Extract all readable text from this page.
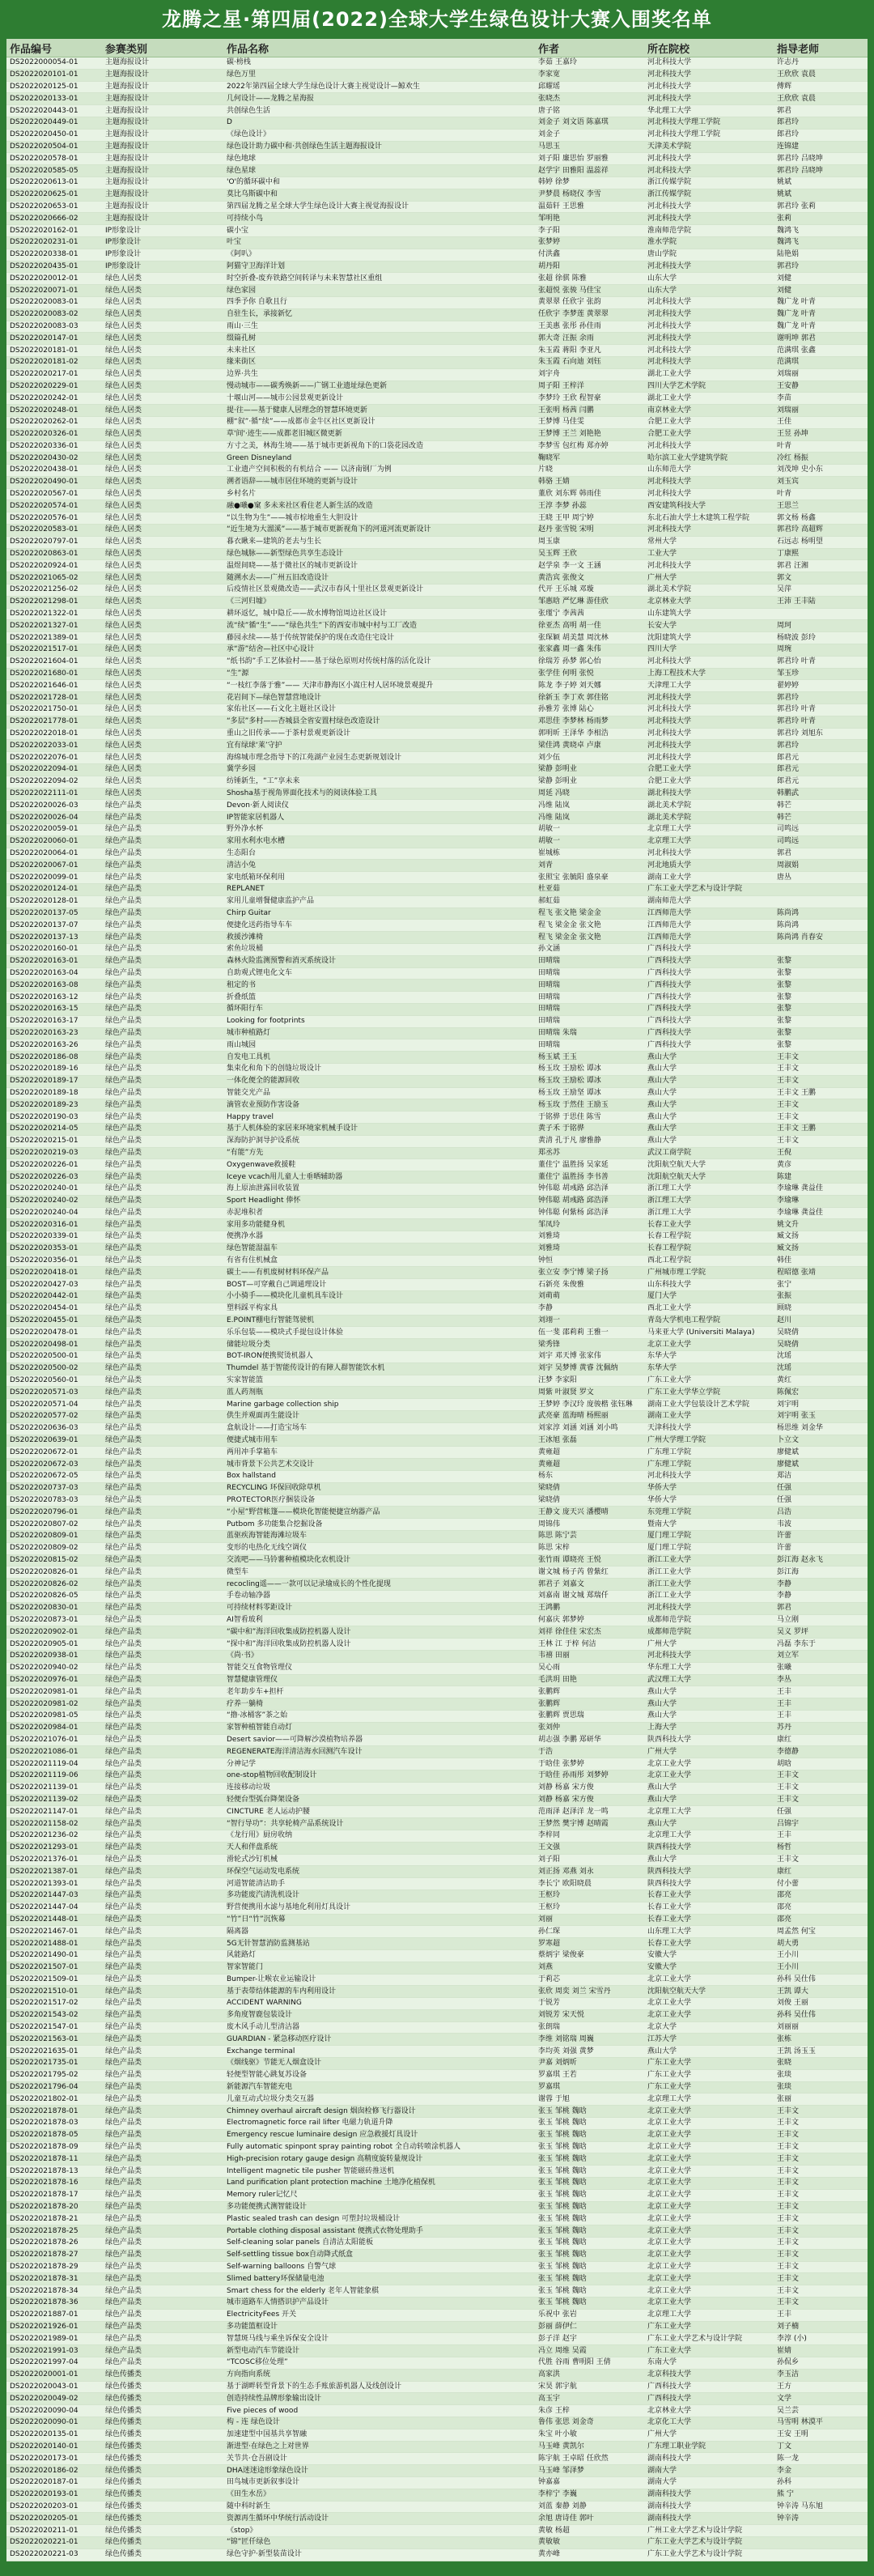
龙腾之星·第四届(2022)全球大学生绿色设计大赛入围奖名单
作品编号	参赛类别	作品名称	作者	所在院校	指导老师
DS2022000054-01	主题海报设计	碳·榜栈	李茹 王嘉玲	河北科技大学	许志丹
DS2022020101-01	主题海报设计	绿色万里	李家宽	河北科技大学	王欣欣 袁晨
DS2022020125-01	主题海报设计	2022年第四届全球大学生绿色设计大赛主视觉设计—鲸欢生	邱耀瑶	河北科技大学	傅辉
DS2022020133-01	主题海报设计	几何设计——龙腾之星海报	张晓杰	河北科技大学	王欣欣 袁晨
DS2022020443-01	主题海报设计	共创绿色生活	唐子铭	华北理工大学	郭君
DS2022020449-01	主题海报设计	D	刘金子 刘文语 陈嘉琪	河北科技大学理工学院	郎君玲
DS2022020450-01	主题海报设计	《绿色设计》	刘金子	河北科技大学理工学院	郎君玲
DS2022020504-01	主题海报设计	绿色设计助力碳中和·共创绿色生活主题海报设计	马思玉	天津美术学院	连锦建
DS2022020578-01	主题海报设计	绿色地球	刘子阳 廉思怡 罗丽雅	河北科技大学	郭君玲 吕晓坤
DS2022020585-05	主题海报设计	绿色星球	赵学宇 田雅阳 温蕊祥	河北科技大学	郭君玲 吕晓坤
DS2022020613-01	主题海报设计	'O'的循环碳中和	韩婷 徐梦	浙江传媒学院	姚斌
DS2022020625-01	主题海报设计	莫比乌斯碳中和	尹梦晨 杨晓仪 李雪	浙江传媒学院	姚斌
DS2022020653-01	主题海报设计	第四届龙腾之星全球大学生绿色设计大赛主视觉海报设计	温茹轩 王思雅	河北科技大学	郭君玲 张莉
DS2022020666-02	主题海报设计	可持续小鸟	邹明艳	河北科技大学	张莉
DS2022020162-01	IP形象设计	碳小宝	李子阳	淮南师范学院	魏鸿飞
DS2022020231-01	IP形象设计	叶宝	张梦婷	淮水学院	魏鸿飞
DS2022020338-01	IP形象设计	《阿叭》	付洪鑫	唐山学院	陆艳娟
DS2022020435-01	IP形象设计	阿猫守卫海洋计划	胡丹阳	河北科技大学	郭君玲
DS2022020012-01	绿色人居类	时空折叠-废弃铁路空间转译与未来智慧社区重组	张超 徐骐 陈雅	山东大学	刘健
DS2022020071-01	绿色人居类	绿色家园	张超悦 张骏 马佳宝	山东大学	刘健
DS2022020083-01	绿色人居类	四季予你 自歌且行	黄翠翠 任欣宇 张韵	河北科技大学	魏广龙 叶青
DS2022020083-02	绿色人居类	自驻生长，承接新忆	任欣宇 李梦莲 黄翠翠	河北科技大学	魏广龙 叶青
DS2022020083-03	绿色人居类	雨山·三生	王美惠 张彤 孙佳雨	河北科技大学	魏广龙 叶青
DS2022020147-01	绿色人居类	缀篇孔树	郭大奇 汪振 余雨	河北科技大学	谢明坤 郭君
DS2022020181-01	绿色人居类	未来社区	朱玉霞 蒋阳 李亚凡	河北科技大学	范满琪 张鑫
DS2022020181-02	绿色人居类	缘来街区	朱玉霞 石向迪 刘钰	河北科技大学	范满琪
DS2022020217-01	绿色人居类	边界·共生	刘宇舟	湖北工业大学	刘瑞丽
DS2022020229-01	绿色人居类	慢动城市——碳秀焕新——广钢工业遗址绿色更新	周子阳 王梓洋	四川大学艺术学院	王安静
DS2022020242-01	绿色人居类	十堰山河——城市公园景观更新设计	李梦玲 王欣 程智豪	湖北工业大学	李苗
DS2022020248-01	绿色人居类	提·往——基于健康人居理念的智慧环境更新	王张明 杨茜 闫鹏	南京林业大学	刘瑞丽
DS2022020262-01	绿色人居类	棚“叙”·循“续”——成都市金牛区社区更新设计	王梦博 马佳雯	合肥工业大学	王佳
DS2022020326-01	绿色人居类	草'间'·迹生——成都老旧城区微更新	王梦博 王兰 刘艳艳	合肥工业大学	王昱 孙坤
DS2022020336-01	绿色人居类	方寸之美，林海生境——基于城市更新视角下的口袋花园改造	李梦雪 包红梅 郑亦婷	河北科技大学	叶青
DS2022020430-02	绿色人居类	Green Disneyland	鞠晓军	哈尔滨工业大学建筑学院	冷红 杨振
DS2022020438-01	绿色人居类	工业遗产空间积极的有机结合 —— 以济南钢厂为例	片晓	山东师范大学	刘茂坤 史小东
DS2022020490-01	绿色人居类	溯者语辞——城市居住环境的更新与设计	韩骆 王婧	河北科技大学	刘玉宾
DS2022020567-01	绿色人居类	乡村名片	董欣 刘东辉 韩雨佳	河北科技大学	叶青
DS2022020574-01	绿色人居类	融●曦●窠 多未来社区看住老人新生活的改造	王淳 李梦 孙蕊	西安建筑科技大学	王思兰
DS2022020576-01	绿色人居类	“以生物为生”——城市棕地重生大胆设计	王晓 王甲 周宁婷	东北石油大学土木建筑工程学院	郭文杨 杨鑫
DS2022020583-01	绿色人居类	“近生境为大溜溪”——基于城市更新视角下的河道河流更新设计	赵丹 张雪锐 宋明	河北科技大学	郭君玲 高超辉
DS2022020797-01	绿色人居类	暮衣瞅来—建筑的老去与生长	周玉康	常州大学	石远志 杨明望
DS2022020863-01	绿色人居类	绿色城脉——新型绿色共享生态设计	吴玉辉 王欣	工业大学	丁康熙
DS2022020924-01	绿色人居类	温煜间晓——基于微社区的城市更新设计	赵学泉 李一文 王涵	河北科技大学	郭君 汪湘
DS2022021065-02	绿色人居类	随溯水去——广州五旧改造设计	黄浩宾 张俊文	广州大学	郭文
DS2022021256-02	绿色人居类	后疫情社区景观微改造——武汉市春风十里社区景观更新设计	代开 王乐城 邓璇	湖北美术学院	吴萍
DS2022021298-01	绿色人居类	《三河归墟》	邹惠晗 严忆琳 游佳欣	北京林业大学	王沛 王丰陆
DS2022021322-01	绿色人居类	耕环返忆，城中隐丘——故水博物馆周边社区设计	张瑾宁 李茜茜	山东建筑大学	
DS2022021327-01	绿色人居类	流“续”循“生”——“绿色共生”下的西安市城中村与工厂改造	徐亚杰 高明 胡一佳	长安大学	周珂
DS2022021389-01	绿色人居类	藤园永续——基于传统智能保护的现在改造住宅设计	张琛颖 胡美慧 周沈林	沈阳建筑大学	杨晓波 彭玲
DS2022021517-01	绿色人居类	承“游”结舍—社区中心设计	张家鑫 周一鑫 朱伟	四川大学	周琬
DS2022021604-01	绿色人居类	“纸书韵”手工艺体验村——基于绿色原则对传统村落的活化设计	徐瑞芳 孙梦 郭心怡	河北科技大学	郭君玲 叶青
DS2022021680-01	绿色人居类	“生”源	张学佳 何明 张悦	上海工程技术大学	邹玉珍
DS2022021646-01	绿色人居类	“一枝红李落于雅”—— 天津市静海区小嵩庄村人居环境景观提升	陈龙 李子婷 刘天娜	天津理工大学	翟婷婷
DS2022021728-01	绿色人居类	花岩间下—绿色智慧营地设计	徐新玉 李丁欢 郭佳铭	河北科技大学	郭君玲
DS2022021750-01	绿色人居类	家佑社区——石文化主题社区设计	孙雅芳 张博 陆心	河北科技大学	郭君玲 叶青
DS2022021778-01	绿色人居类	“多层”多村——杏城县全省安置村绿色改造设计	邓思佳 李梦林 杨雨梦	河北科技大学	郭君玲 叶青
DS2022022018-01	绿色人居类	重山之旧传承——于茶村景观更新设计	郭明昕 王泽华 李相浩	河北科技大学	郭君玲 刘旭东
DS2022022033-01	绿色人居类	宜有绿球‘莱’守护	梁佳鸿 黄晓卓 卢康	河北科技大学	郭君玲
DS2022022076-01	绿色人居类	海绵城市理念指导下的江苑湖产业园生态更新规划设计	刘少伍	河北科技大学	郎君元
DS2022022094-01	绿色人居类	冀学乡园	梁静 彭明业	合肥工业大学	郎君元
DS2022022094-02	绿色人居类	纺锤新生，“工”享未来	梁静 彭明业	合肥工业大学	郎君元
DS2022022111-01	绿色人居类	Shosha基于视角界面化技术与的阅读体验工具	周延 冯晓	湖北科技大学	韩鹏武
DS2022020026-03	绿色产品类	Devon·新人阅读仪	冯维 陆岚	湖北美术学院	韩芒
DS2022020026-04	绿色产品类	IP智能家居机器人	冯维 陆岚	湖北美术学院	韩芒
DS2022020059-01	绿色产品类	野外净水杯	胡敏一	北京理工大学	司鸣远
DS2022020060-01	绿色产品类	家用水利水电水槽	胡敏一	北京理工大学	司鸣远
DS2022020064-01	绿色产品类	生态阳台	崔城栋	河北科技大学	郭君
DS2022020067-01	绿色产品类	清洁小兔	刘青	河北地质大学	周淑娟
DS2022020099-01	绿色产品类	家电纸箱环保利用	张照宝 张毓阳 盛泉豪	湖南工业大学	唐丛
DS2022020124-01	绿色产品类	REPLANET	杜亚茹	广东工业大学艺术与设计学院	
DS2022020128-01	绿色产品类	家用儿童增餐健康监护产品	郝虹茹	湖南师范大学	
DS2022020137-05	绿色产品类	Chirp Guitar	程飞 张文艳 梁金金	江西师范大学	陈尚鸿
DS2022020137-07	绿色产品类	便捷化送药指导车车	程飞 梁金金 张文艳	江西师范大学	陈尚鸿
DS2022020137-13	绿色产品类	救援沙滩椅	程飞 梁金金 张文艳	江西师范大学	陈尚鸿 肖春安
DS2022020160-01	绿色产品类	索鱼垃圾桶	孙文涵	广西科技大学	
DS2022020163-01	绿色产品类	森林火险监测预警和消灭系统设计	田晴瑞	广西科技大学	张黎
DS2022020163-04	绿色产品类	自助观式锂电化文车	田晴瑞	广西科技大学	张黎
DS2022020163-08	绿色产品类	租定的书	田晴瑞	广西科技大学	张黎
DS2022020163-12	绿色产品类	折叠纸篮	田晴瑞	广西科技大学	张黎
DS2022020163-15	绿色产品类	循环阳行车	田晴瑞	广西科技大学	张黎
DS2022020163-17	绿色产品类	Looking for footprints	田晴瑞	广西科技大学	张黎
DS2022020163-23	绿色产品类	城市种植路灯	田晴瑞 朱瑞	广西科技大学	张黎
DS2022020163-26	绿色产品类	雨山城园	田晴瑞	广西科技大学	张黎
DS2022020186-08	绿色产品类	自发电工具机	杨玉斌 王玉	燕山大学	王丰文
DS2022020189-16	绿色产品类	集束化和角下的创缝垃圾设计	杨玉玫 王励松 谭冰	燕山大学	王丰文
DS2022020189-17	绿色产品类	一体化便全的能源回收	杨玉玫 王励松 谭冰	燕山大学	王丰文
DS2022020189-18	绿色产品类	智能交光产品	杨玉玫 王励坚 谭冰	燕山大学	王丰文 王鹏
DS2022020189-23	绿色产品类	滴管农业预防作害设备	杨玉玫 于然佳 王励玉	燕山大学	王丰文
DS2022020190-03	绿色产品类	Happy travel	于铭骅 于思佳 陈雪	燕山大学	王丰文
DS2022020214-05	绿色产品类	基于人机体验的家居来环境家机械手设计	黄子禾 于铭骅	燕山大学	王丰文 王鹏
DS2022020215-01	绿色产品类	深海防护洞导护设系统	黄清 孔于凡 廖雅静	燕山大学	王丰文
DS2022020219-03	绿色产品类	“有能”方先	郑丞苏	武汉工商学院	王倪
DS2022020226-01	绿色产品类	Oxygenwave救援鞋	董佳宁 温胜扬 吴家延	沈阳航空航天大学	黄彦
DS2022020226-03	绿色产品类	Iceye vcach用儿童人士垂晒辅助器	董佳宁 温胜扬 李书善	沈阳航空航天大学	陈建
DS2022020240-01	绿色产品类	海上原油泄露回收装置	钟伟聪 胡彧路 邱浩泽	浙江理工大学	李瑜琳 龚益佳
DS2022020240-02	绿色产品类	Sport Headlight 俸怀	钟伟聪 胡彧路 邱浩泽	浙江理工大学	李瑜琳
DS2022020240-04	绿色产品类	赤泥堆积者	钟伟聪 何紫杨 邱浩泽	浙江理工大学	李瑜琳 龚益佳
DS2022020316-01	绿色产品类	家用多功能健身机	邹凤玲	长春工业大学	姚文升
DS2022020339-01	绿色产品类	便携净水器	刘雅琦	长春工程学院	臧文扬
DS2022020353-01	绿色产品类	绿色智能湿温车	刘雅琦	长春工程学院	臧文扬
DS2022020356-01	绿色产品类	有省有住机械盒	钟恒	西北工程学院	韩佳
DS2022020418-01	绿色产品类	碳土——有机废树材料环保产品	张立安 李宁博 梁子扬	广州城市理工学院	程昭德 张靖
DS2022020427-03	绿色产品类	BOST—可穿戴自己调通理设计	石新亮 朱俊雅	山东科技大学	张宁
DS2022020442-01	绿色产品类	小小骑手——模块化儿童机具车设计	刘萌萌	厦门大学	张振
DS2022020454-01	绿色产品类	塑料踩平构家具	李静	西北工业大学	顾晓
DS2022020455-01	绿色产品类	E.POINT棚电行智能驾驶机	刘翊一	青岛大学机电工程学院	赵川
DS2022020478-01	绿色产品类	乐乐包装——模块式手提包设计体验	伍一斐 邵莉莉 王雅一	马来亚大学 (Universiti Malaya)	吴晓倩
DS2022020498-01	绿色产品类	储能垃圾分类	梁秀锋	北京工业大学	吴晓倩
DS2022020500-01	绿色产品类	BOT-IRON便携熨烫机器人	刘宇 邓天博 张家伟	东华大学	沈瑶
DS2022020500-02	绿色产品类	Thumdel 基于智能传设计的有障人群智能饮水机	刘宇 吴梦博 黄睿 沈佩纳	东华大学	沈瑶
DS2022020560-01	绿色产品类	实家智能篮	汪梦 李家阳	广东工业大学	黄红
DS2022020571-03	绿色产品类	蓝人药剂瓶	周紫 叶淑贤 罗文	广东工业大学华立学院	陈佩宏
DS2022020571-04	绿色产品类	Marine garbage collection ship	王梦婷 李汉玲 庞骏楷 张钰琳	湖南工业大学包装设计艺术学院	刘宇明
DS2022020577-02	绿色产品类	供生并观面再生能设计	武亮豪 蓝海晴 杨熙丽	湖南工业大学	刘宇明 张玉
DS2022020636-03	绿色产品类	盒航设计——打造宝场车	刘家淳 刘涵 刘涵 刘小鸣	天津科技大学	杨思维 刘金华
DS2022020639-01	绿色产品类	便捷式城市用车	王冰旭 张磊	广州大学理工学院	卜立文
DS2022020672-01	绿色产品类	两用冲手掌箱车	黄雍超	广东理工学院	廖健斌
DS2022020672-03	绿色产品类	城市背景下公共艺术交设计	黄雍超	广东理工学院	廖健斌
DS2022020672-05	绿色产品类	Box hallstand	杨东	河北科技大学	郑洁
DS2022020737-03	绿色产品类	RECYCLING 环保回收除草机	梁晓倩	华侨大学	任强
DS2022020783-03	绿色产品类	PROTECTOR医疗捆装设备	梁晓倩	华侨大学	任强
DS2022020796-01	绿色产品类	“小屋”野营帐篷——模块化智能便捷宣纳器产品	王静文 庞天兴 潘樱晴	东莞理工学院	吕浩
DS2022020807-02	绿色产品类	Putbom 多功能集合挖掘设备	周锦伟	暨南大学	韦波
DS2022020809-01	绿色产品类	蓝驱疾海智能海滩垃圾车	陈思 陈宁芸	厦门理工学院	许蕾
DS2022020809-02	绿色产品类	变形的电热化无线空调仪	陈思 宋梓	厦门理工学院	许蕾
DS2022020815-02	绿色产品类	交流吧——马铃薯种植模块化农机设计	张竹雨 谭晓亮 王悦	浙江工业大学	彭江海 赵永飞
DS2022020826-01	绿色产品类	微型车	谢文城 杨子芮 曾紫红	浙江工业大学	彭江海
DS2022020826-02	绿色产品类	recocling遥——一款可以记录瑜成长的个性化提现	郭君子 刘嘉文	浙江工业大学	李静
DS2022020826-05	绿色产品类	手卷动轴净器	刘嘉南 谢文城 郑瑞仟	浙江工业大学	李静
DS2022020830-01	绿色产品类	可持续材料零距设计	王鸿鹏	河北科技大学	郭君
DS2022020873-01	绿色产品类	AI智看玻利	何嘉庆 郭梦婷	成都师范学院	马立刚
DS2022020902-01	绿色产品类	“碳中和”海洋回收集成防控机器人设计	刘祥 徐佳佳 宋宏杰	成都师范学院	吴义 罗坪
DS2022020905-01	绿色产品类	“探中和”海洋回收集成防控机器人设计	王林 江 于梓 何洁	广州大学	冯磊 李东于
DS2022020938-01	绿色产品类	《尚·书》	韦禧 田丽	河北科技大学	刘立军
DS2022020940-02	绿色产品类	智能交互食物管理仪	吴心雨	华东理工大学	张曦
DS2022020976-01	绿色产品类	智慧健康管理仪	毛洪玥 田艳	武汉理工大学	李丛
DS2022020981-01	绿色产品类	老年助步车+担杆	张鹏辉	燕山大学	王丰
DS2022020981-02	绿色产品类	疗养一躺椅	张鹏辉	燕山大学	王丰
DS2022020981-05	绿色产品类	“撸·冰桶客”茶之始	张鹏辉 贾思瑞	燕山大学	王丰
DS2022020984-01	绿色产品类	家智种植智能自动灯	张刘仲	上海大学	苏丹
DS2022021076-01	绿色产品类	Desert savior——可降解沙漠植物培养器	胡志强 李鹏 郑研华	陕西科技大学	康红
DS2022021086-01	绿色产品类	REGENERATE海洋清洁海水回测汽车设计	于浩	广州大学	李德静
DS2022021119-04	绿色产品类	分神记学	于晗佳 张梦婷	北京工业大学	胡晗
DS2022021119-06	绿色产品类	one-stop植物回收配制设计	于晗佳 孙雨彤 刘梦婷	北京工业大学	王丰文
DS2022021139-01	绿色产品类	连接移动垃圾	刘静 杨嘉 宋方俊	燕山大学	王丰文
DS2022021139-02	绿色产品类	轻便台型弧台降架设备	刘静 杨嘉 宋方俊	燕山大学	王丰文
DS2022021147-01	绿色产品类	CINCTURE 老人运动护腰	范雨泽 赵泽洋 龙一鸣	北京理工大学	任强
DS2022021158-02	绿色产品类	“智行导功”：共享轮椅产品系统设计	王梦然 樊宇博 赵晴霞	燕山大学	吕锦宇
DS2022021236-02	绿色产品类	《龙行用》厨房收纳	李梓同	北京理工大学	王丰
DS2022021293-01	绿色产品类	天人和伴盘系统	王文强	陕西科技大学	杨哲
DS2022021376-01	绿色产品类	滑轮式沙钉机械	刘子阳	燕山大学	王丰文
DS2022021387-01	绿色产品类	环保空气运动发电系统	刘正扬 邓燕 刘永	陕西科技大学	康红
DS2022021393-01	绿色产品类	河道智能清洁助手	李长宁 欧阳晓晨	陕西科技大学	付小蕾
DS2022021447-03	绿色产品类	多功能废汽清洗机设计	王枢玲	长春工业大学	邵亮
DS2022021447-04	绿色产品类	野营便携用水滤与基地化利用灯具设计	王枢玲	长春工业大学	邵亮
DS2022021448-01	绿色产品类	“竹”日“竹”沉恢幕	刘丽	长春工业大学	邵亮
DS2022021467-01	绿色产品类	隔离器	孙仁琛	山东理工大学	周孟然 何宝
DS2022021488-01	绿色产品类	5G无针智慧消防监测基站	罗寒超	长春工业大学	胡大勇
DS2022021490-01	绿色产品类	风能路灯	蔡炳宇 梁俊豪	安徽大学	王小川
DS2022021507-01	绿色产品类	智家智能门	刘燕	安徽大学	王小川
DS2022021509-01	绿色产品类	Bumper-让喉农业运输设计	于莉芯	北京工业大学	孙科 吴仕伟
DS2022021510-01	绿色产品类	基于表带结体能源的车内利用设计	张欣 周奕 刘兰 宋雪丹	沈阳航空航天大学	王凯 谭大
DS2022021517-02	绿色产品类	ACCIDENT WARNING	于锐芳	北京工业大学	刘俊 王丽
DS2022021543-02	绿色产品类	多角度智鹿包装设计	刘锐芳 宋天悦	北京工业大学	孙科 吴仕伟
DS2022021547-01	绿色产品类	废木风手动儿型清洁器	张朗瑞	北京大学	刘丽丽
DS2022021563-01	绿色产品类	GUARDIAN - 紧急移动医疗设计	李维 刘铭瑞 周巍	江苏大学	张栋
DS2022021635-01	绿色产品类	Exchange terminal	李均英 刘强 黄梦	燕山大学	王凯 汤玉玉
DS2022021735-01	绿色产品类	《烟线驱》节能无人烟盒设计	尹嘉 刘炳昕	广东工业大学	张晓
DS2022021795-02	绿色产品类	轻便型智能心跳复苏设备	罗嘉琪 王若	广东工业大学	张琰
DS2022021796-04	绿色产品类	新能源汽车智能充电	罗嘉琪	广东工业大学	张琰
DS2022021802-01	绿色产品类	儿童互动式垃圾分类交互器	谢蓉 于旭	北京理工大学	张丽
DS2022021878-01	绿色产品类	Chimney overhaul aircraft design 烟囱检修飞行器设计	张玉 邹桃 魏晗	北京工业大学	王丰文
DS2022021878-03	绿色产品类	Electromagnetic force rail lifter 电磁力轨道升降	张玉 邹桃 魏晗	北京工业大学	王丰文
DS2022021878-05	绿色产品类	Emergency rescue luminaire design 应急救援灯具设计	张玉 邹桃 魏晗	北京工业大学	王丰文
DS2022021878-09	绿色产品类	Fully automatic spinpont spray painting robot 全自动转喷涂机器人	张玉 邹桃 魏晗	北京工业大学	王丰文
DS2022021878-11	绿色产品类	High-precision rotary gauge design 高精度旋转量规设计	张玉 邹桃 魏晗	北京工业大学	王丰文
DS2022021878-13	绿色产品类	Intelligent magnetic tile pusher 智能磁砖推送机	张玉 邹桃 魏晗	北京工业大学	王丰文
DS2022021878-16	绿色产品类	Land purification plant protection machine 土地净化植保机	张玉 邹桃 魏晗	北京工业大学	王丰文
DS2022021878-17	绿色产品类	Memory ruler记忆尺	张玉 邹桃 魏晗	北京工业大学	王丰文
DS2022021878-20	绿色产品类	多功能便携式测智能设计	张玉 邹桃 魏晗	北京工业大学	王丰文
DS2022021878-21	绿色产品类	Plastic sealed trash can design 可塑封垃圾桶设计	张玉 邹桃 魏晗	北京工业大学	王丰文
DS2022021878-25	绿色产品类	Portable clothing disposal assistant 便携式衣物处理助手	张玉 邹桃 魏晗	北京工业大学	王丰文
DS2022021878-26	绿色产品类	Self-cleaning solar panels 自清洁太阳能板	张玉 邹桃 魏晗	北京工业大学	王丰文
DS2022021878-27	绿色产品类	Self-settling tissue box自动降式纸盒	张玉 邹桃 魏晗	北京工业大学	王丰文
DS2022021878-29	绿色产品类	Self-warning balloons 自警气球	张玉 邹桃 魏晗	北京工业大学	王丰文
DS2022021878-31	绿色产品类	Slimed battery环保储量电池	张玉 邹桃 魏晗	北京工业大学	王丰文
DS2022021878-34	绿色产品类	Smart chess for the elderly 老年人智能象棋	张玉 邹桃 魏晗	北京工业大学	王丰文
DS2022021878-36	绿色产品类	城市道路车人情搭识护产品设计	张玉 邹桃 魏晗	北京工业大学	王丰文
DS2022021887-01	绿色产品类	ElectricityFees 开关	乐祝中 张岩	北京理工大学	王丰
DS2022021926-01	绿色产品类	多功能篮框设计	彭丽 薛伊仁	广东工业大学	刘子楠
DS2022021989-01	绿色产品类	智慧斑马线与乘坐诉保安全设计	彭子洋 赵宇	广东工业大学艺术与设计学院	李淳 (小)
DS2022021991-03	绿色产品类	新型电动汽车节能设计	冯立 周维 吴霞	广东工业大学	崔婧
DS2022021997-04	绿色产品类	“TCOSC移位处理”	代胜 谷雨 曹明阳 王倩	东南大学	孙侃乡
DS2022020001-01	绿色传播类	方向指向系统	高家洪	北京科技大学	李玉洁
DS2022020043-01	绿色传播类	基于湖畔转型背景下的生态手账旅游机器人及线创设计	宋昊 郭宇航	广西科技大学	王方
DS2022020049-02	绿色传播类	创造持续性品牌形象输出设计	高玉宇	广西科技大学	文学
DS2022020090-04	绿色传播类	Five pieces of wood	朱彦 王梓	北京林业大学	吴兰芸
DS2022020090-01	绿色传播类	构 - 连 绿色设计	鲁伟 张思 刘金奇	北京化工大学	马雪明 林漠平
DS2022020135-01	绿色传播类	加速建型中国基共享智融	朱宝 叶小敏	广州大学	王安 王明
DS2022020140-01	绿色传播类	渐进型·在绿色之上对世界	马玉峰 黄凯尔	广东理工职业学院	丁文
DS2022020173-01	绿色传播类	关节共·仓吾剧设计	陈宇航 王卓昭 任欣然	湖南科技大学	陈一龙
DS2022020186-02	绿色传播类	DHA迷迷途形象绿色设计	马玉峰 邹泽梦	湖南大学	李金
DS2022020187-01	绿色传播类	田鸟城市更新叙事设计	钟嘉嘉	湖南大学	孙科
DS2022020193-01	绿色传播类	《田生水岳》	李梓宁 李巍	湖南科技大学	熊 宁
DS2022020203-01	绿色传播类	随中科时新生	刘蓝 秦静 刘静	湖南科技大学	钟辛涛 马东旭
DS2022020205-01	绿色传播类	资源再生循环中华统行活动设计	余旭 唐诗佳 郭叶	湖南科技大学	钟辛涛
DS2022020211-01	绿色传播类	《stop》	黄敏 杨超	广州工业大学艺术与设计学院	
DS2022020221-01	绿色传播类	“锦”匠仟绿色	黄敏敏	广东工业大学艺术与设计学院	
DS2022020221-03	绿色传播类	绿色守护·新型装苗设计	黄亦峰	广东工业大学艺术与设计学院	
